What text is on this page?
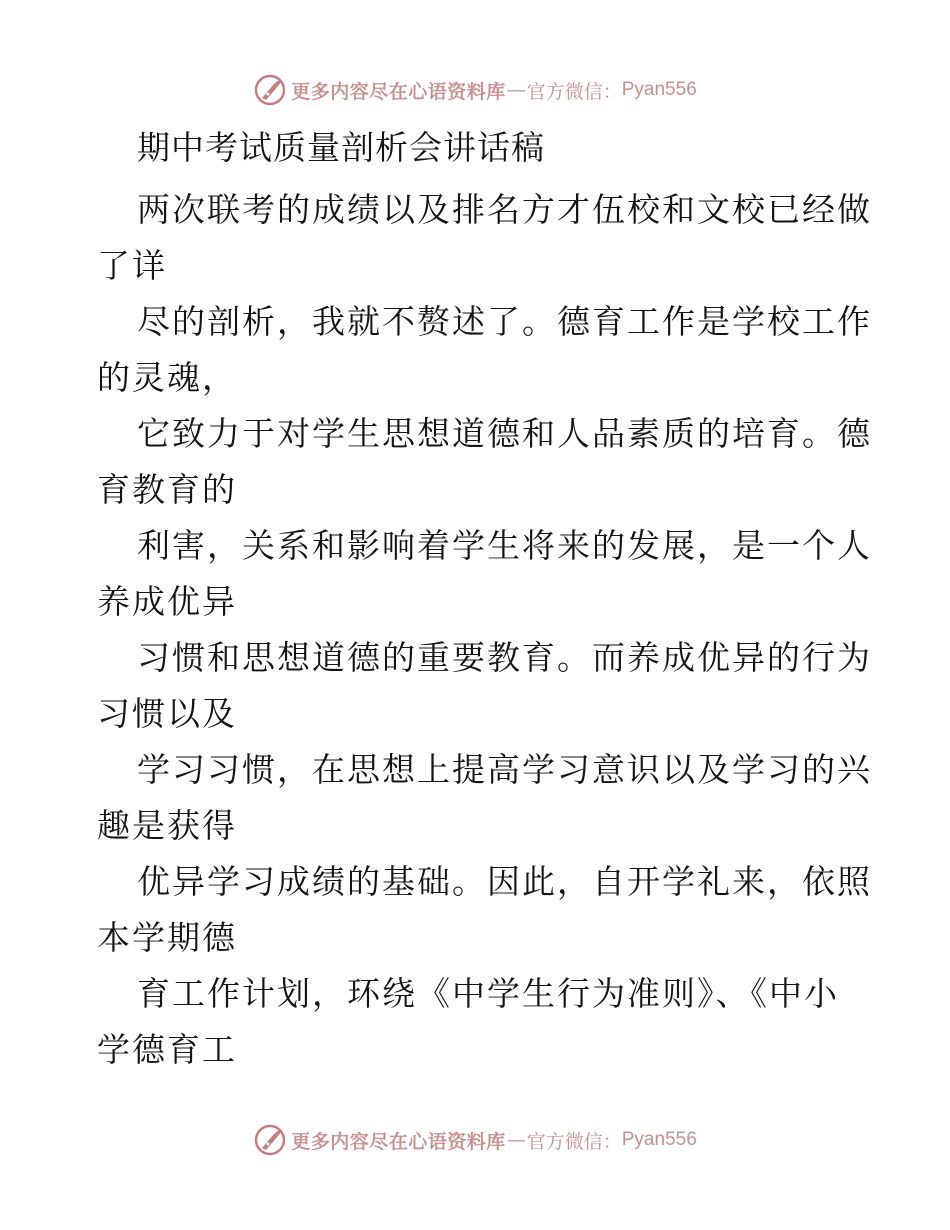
更多内容尽在心语资料库 — 官方微信： Pyan556
期中考试质量剖析会讲话稿
两次联考的成绩以及排名方才伍校和文校已经做
了详
尽的剖析，我就不赘述了。德育工作是学校工作
的灵魂，
它致力于对学生思想道德和人品素质的培育。德
育教育的
利害，关系和影响着学生将来的发展，是一个人
养成优异
习惯和思想道德的重要教育。而养成优异的行为
习惯以及
学习习惯，在思想上提高学习意识以及学习的兴
趣是获得
优异学习成绩的基础。因此，自开学礼来，依照
本学期德
育工作计划，环绕《中学生行为准则》、《中小
学德育工
更多内容尽在心语资料库 — 官方微信： Pyan556
